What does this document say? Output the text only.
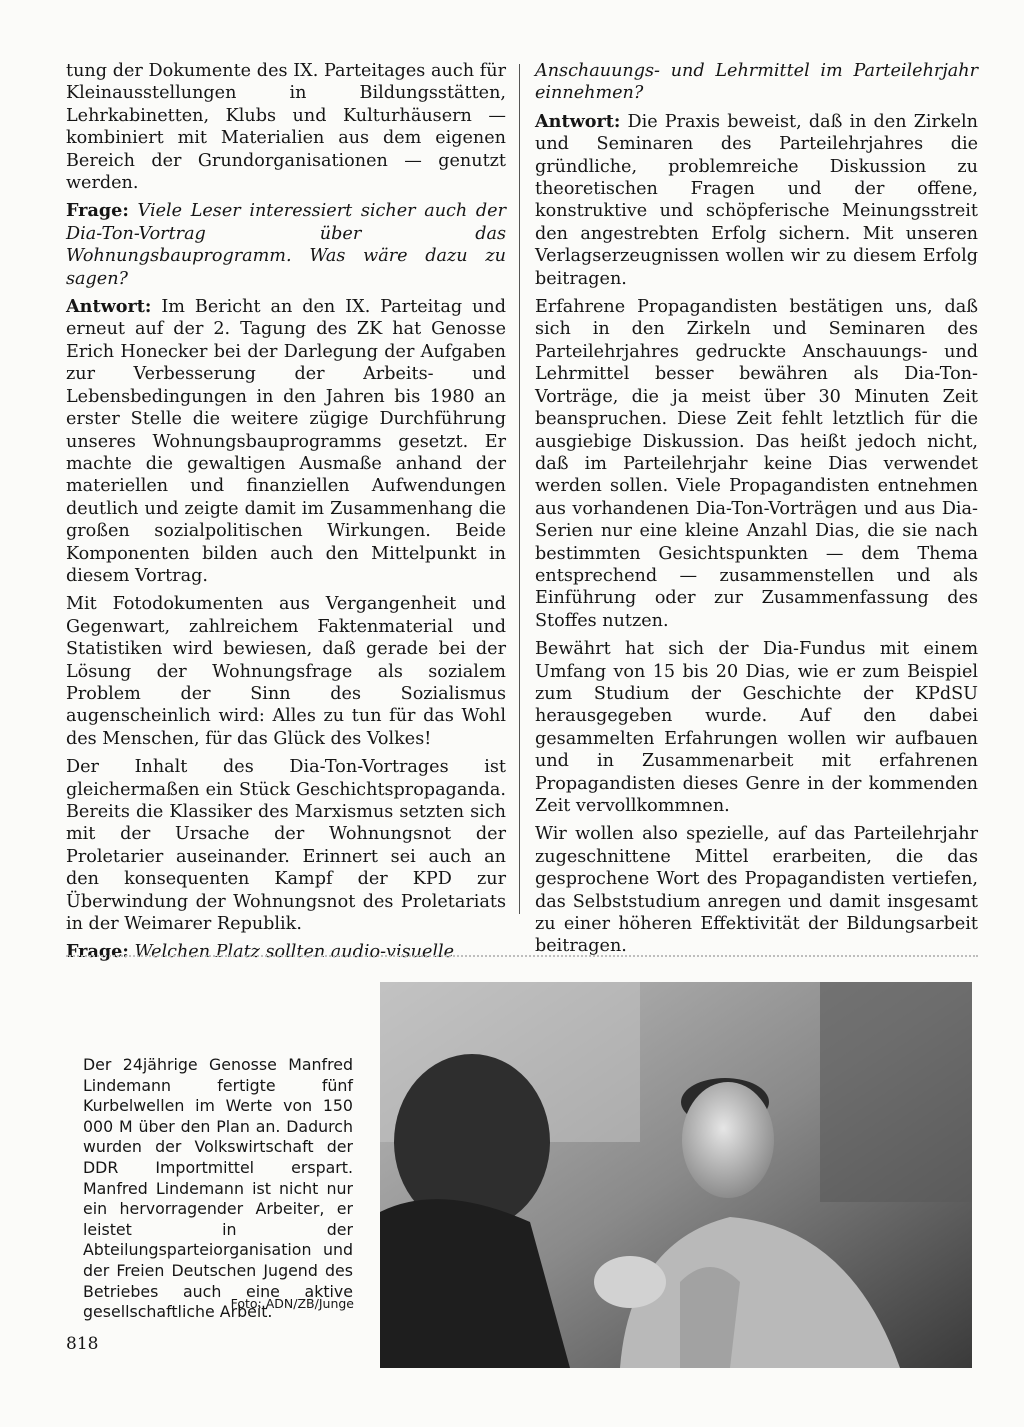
tung der Dokumente des IX. Parteitages auch für Kleinausstellungen in Bildungsstätten, Lehrkabinetten, Klubs und Kulturhäusern — kombiniert mit Materialien aus dem eigenen Bereich der Grundorganisationen — genutzt werden.

Frage: Viele Leser interessiert sicher auch der Dia-Ton-Vortrag über das Wohnungsbauprogramm. Was wäre dazu zu sagen?

Antwort: Im Bericht an den IX. Parteitag und erneut auf der 2. Tagung des ZK hat Genosse Erich Honecker bei der Darlegung der Aufgaben zur Verbesserung der Arbeits- und Lebensbedingungen in den Jahren bis 1980 an erster Stelle die weitere zügige Durchführung unseres Wohnungsbauprogramms gesetzt. Er machte die gewaltigen Ausmaße anhand der materiellen und finanziellen Aufwendungen deutlich und zeigte damit im Zusammenhang die großen sozialpolitischen Wirkungen. Beide Komponenten bilden auch den Mittelpunkt in diesem Vortrag.

Mit Fotodokumenten aus Vergangenheit und Gegenwart, zahlreichem Faktenmaterial und Statistiken wird bewiesen, daß gerade bei der Lösung der Wohnungsfrage als sozialem Problem der Sinn des Sozialismus augenscheinlich wird: Alles zu tun für das Wohl des Menschen, für das Glück des Volkes!

Der Inhalt des Dia-Ton-Vortrages ist gleichermaßen ein Stück Geschichtspropaganda. Bereits die Klassiker des Marxismus setzten sich mit der Ursache der Wohnungsnot der Proletarier auseinander. Erinnert sei auch an den konsequenten Kampf der KPD zur Überwindung der Wohnungsnot des Proletariats in der Weimarer Republik.

Frage: Welchen Platz sollten audio-visuelle

Anschauungs- und Lehrmittel im Parteilehrjahr einnehmen?

Antwort: Die Praxis beweist, daß in den Zirkeln und Seminaren des Parteilehrjahres die gründliche, problemreiche Diskussion zu theoretischen Fragen und der offene, konstruktive und schöpferische Meinungsstreit den angestrebten Erfolg sichern. Mit unseren Verlagserzeugnissen wollen wir zu diesem Erfolg beitragen.

Erfahrene Propagandisten bestätigen uns, daß sich in den Zirkeln und Seminaren des Parteilehrjahres gedruckte Anschauungs- und Lehrmittel besser bewähren als Dia-Ton-Vorträge, die ja meist über 30 Minuten Zeit beanspruchen. Diese Zeit fehlt letztlich für die ausgiebige Diskussion. Das heißt jedoch nicht, daß im Parteilehrjahr keine Dias verwendet werden sollen. Viele Propagandisten entnehmen aus vorhandenen Dia-Ton-Vorträgen und aus Dia-Serien nur eine kleine Anzahl Dias, die sie nach bestimmten Gesichtspunkten — dem Thema entsprechend — zusammenstellen und als Einführung oder zur Zusammenfassung des Stoffes nutzen.

Bewährt hat sich der Dia-Fundus mit einem Umfang von 15 bis 20 Dias, wie er zum Beispiel zum Studium der Geschichte der KPdSU herausgegeben wurde. Auf den dabei gesammelten Erfahrungen wollen wir aufbauen und in Zusammenarbeit mit erfahrenen Propagandisten dieses Genre in der kommenden Zeit vervollkommnen.

Wir wollen also spezielle, auf das Parteilehrjahr zugeschnittene Mittel erarbeiten, die das gesprochene Wort des Propagandisten vertiefen, das Selbststudium anregen und damit insgesamt zu einer höheren Effektivität der Bildungsarbeit beitragen.

Der 24jährige Genosse Manfred Lindemann fertigte fünf Kurbelwellen im Werte von 150 000 M über den Plan an. Dadurch wurden der Volkswirtschaft der DDR Importmittel erspart. Manfred Lindemann ist nicht nur ein hervorragender Arbeiter, er leistet in der Abteilungsparteiorganisation und der Freien Deutschen Jugend des Betriebes auch eine aktive gesellschaftliche Arbeit.

Foto: ADN/ZB/Junge
818
